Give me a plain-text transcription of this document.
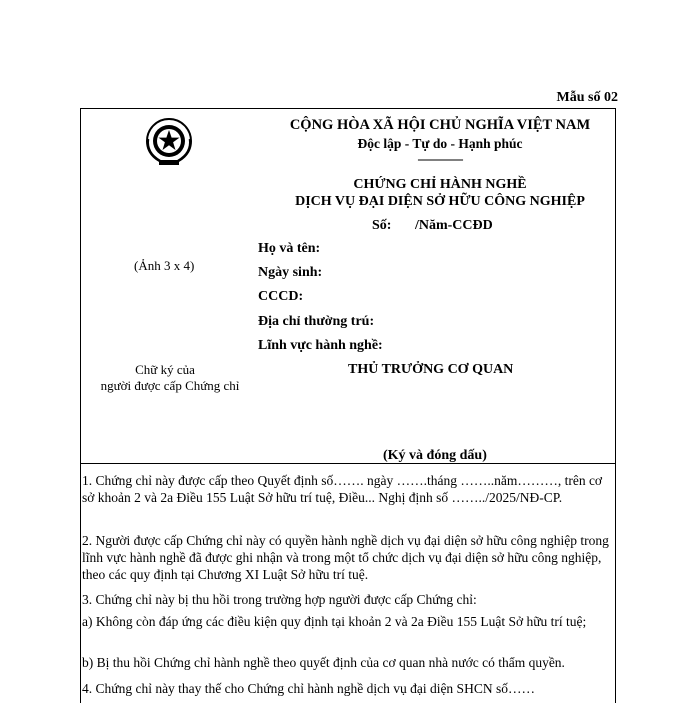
Mẫu số 02
CỘNG HÒA XÃ HỘI CHỦ NGHĨA VIỆT NAM
Độc lập - Tự do - Hạnh phúc
---------------
CHỨNG CHỈ HÀNH NGHỀ
DỊCH VỤ ĐẠI DIỆN SỞ HỮU CÔNG NGHIỆP
Số: /Năm-CCĐD
(Ảnh 3 x 4)
Họ và tên:
Ngày sinh:
CCCD:
Địa chỉ thường trú:
Lĩnh vực hành nghề:
Chữ ký của
người được cấp Chứng chỉ
THỦ TRƯỞNG CƠ QUAN
(Ký và đóng dấu)
1. Chứng chỉ này được cấp theo Quyết định số……. ngày …….tháng ……..năm………, trên cơ sở khoản 2 và 2a Điều 155 Luật Sở hữu trí tuệ, Điều... Nghị định số ……../2025/NĐ-CP.
2. Người được cấp Chứng chỉ này có quyền hành nghề dịch vụ đại diện sở hữu công nghiệp trong lĩnh vực hành nghề đã được ghi nhận và trong một tổ chức dịch vụ đại diện sở hữu công nghiệp, theo các quy định tại Chương XI Luật Sở hữu trí tuệ.
3. Chứng chỉ này bị thu hồi trong trường hợp người được cấp Chứng chỉ:
a) Không còn đáp ứng các điều kiện quy định tại khoản 2 và 2a Điều 155 Luật Sở hữu trí tuệ;
b) Bị thu hồi Chứng chỉ hành nghề theo quyết định của cơ quan nhà nước có thẩm quyền.
4. Chứng chỉ này thay thế cho Chứng chỉ hành nghề dịch vụ đại diện SHCN số……
